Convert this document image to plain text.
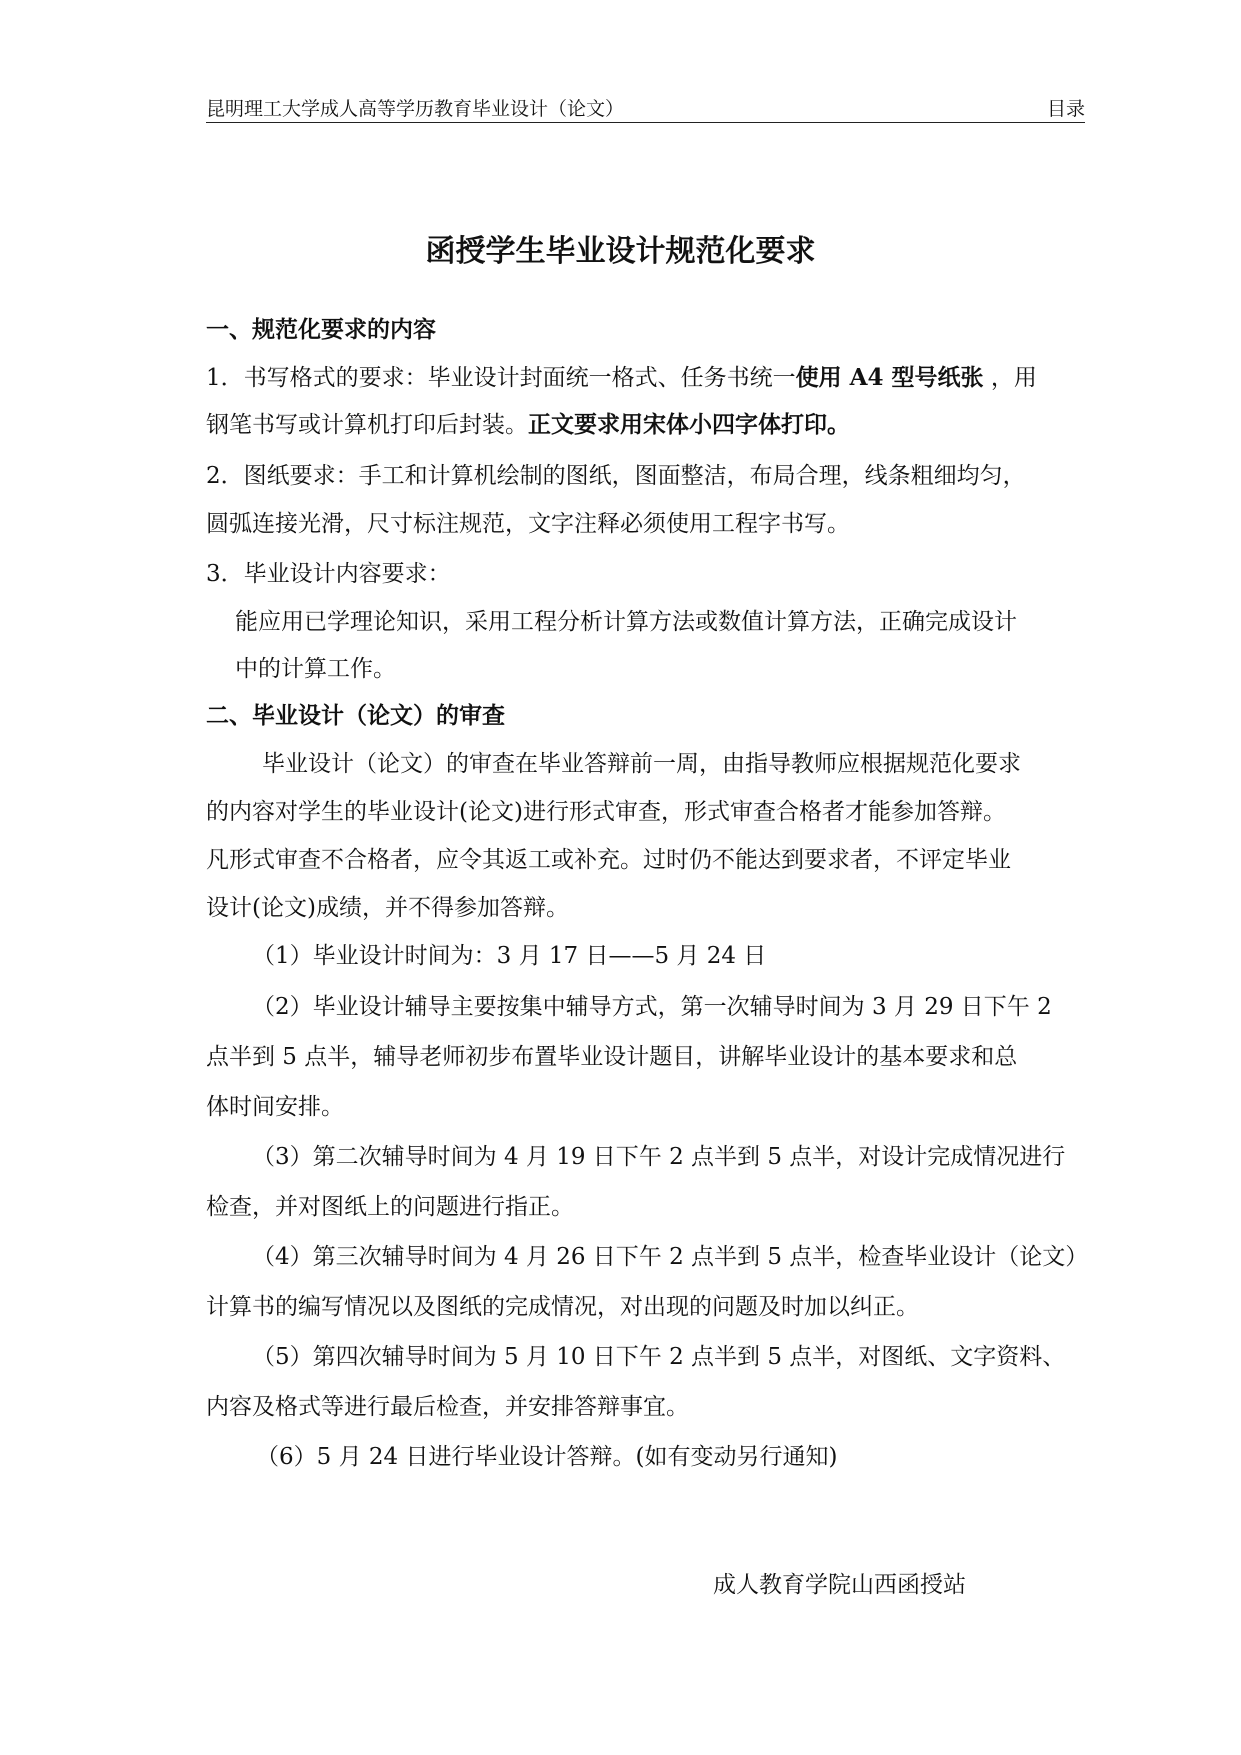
昆明理工大学成人高等学历教育毕业设计（论文）	目录
函授学生毕业设计规范化要求
一、规范化要求的内容
1．书写格式的要求：毕业设计封面统一格式、任务书统一使用 A4 型号纸张 ，用
钢笔书写或计算机打印后封装。正文要求用宋体小四字体打印。
2．图纸要求：手工和计算机绘制的图纸，图面整洁，布局合理，线条粗细均匀，
圆弧连接光滑，尺寸标注规范，文字注释必须使用工程字书写。
3．毕业设计内容要求：
能应用已学理论知识，采用工程分析计算方法或数值计算方法，正确完成设计
中的计算工作。
二、毕业设计（论文）的审查
毕业设计（论文）的审查在毕业答辩前一周，由指导教师应根据规范化要求
的内容对学生的毕业设计(论文)进行形式审查，形式审查合格者才能参加答辩。
凡形式审查不合格者，应令其返工或补充。过时仍不能达到要求者，不评定毕业
设计(论文)成绩，并不得参加答辩。
（1）毕业设计时间为：3 月 17 日——5 月 24 日
（2）毕业设计辅导主要按集中辅导方式，第一次辅导时间为 3 月 29 日下午 2
点半到 5 点半，辅导老师初步布置毕业设计题目，讲解毕业设计的基本要求和总
体时间安排。
（3）第二次辅导时间为 4 月 19 日下午 2 点半到 5 点半，对设计完成情况进行
检查，并对图纸上的问题进行指正。
（4）第三次辅导时间为 4 月 26 日下午 2 点半到 5 点半，检查毕业设计（论文）
计算书的编写情况以及图纸的完成情况，对出现的问题及时加以纠正。
（5）第四次辅导时间为 5 月 10 日下午 2 点半到 5 点半，对图纸、文字资料、
内容及格式等进行最后检查，并安排答辩事宜。
（6）5 月 24 日进行毕业设计答辩。(如有变动另行通知)
成人教育学院山西函授站
